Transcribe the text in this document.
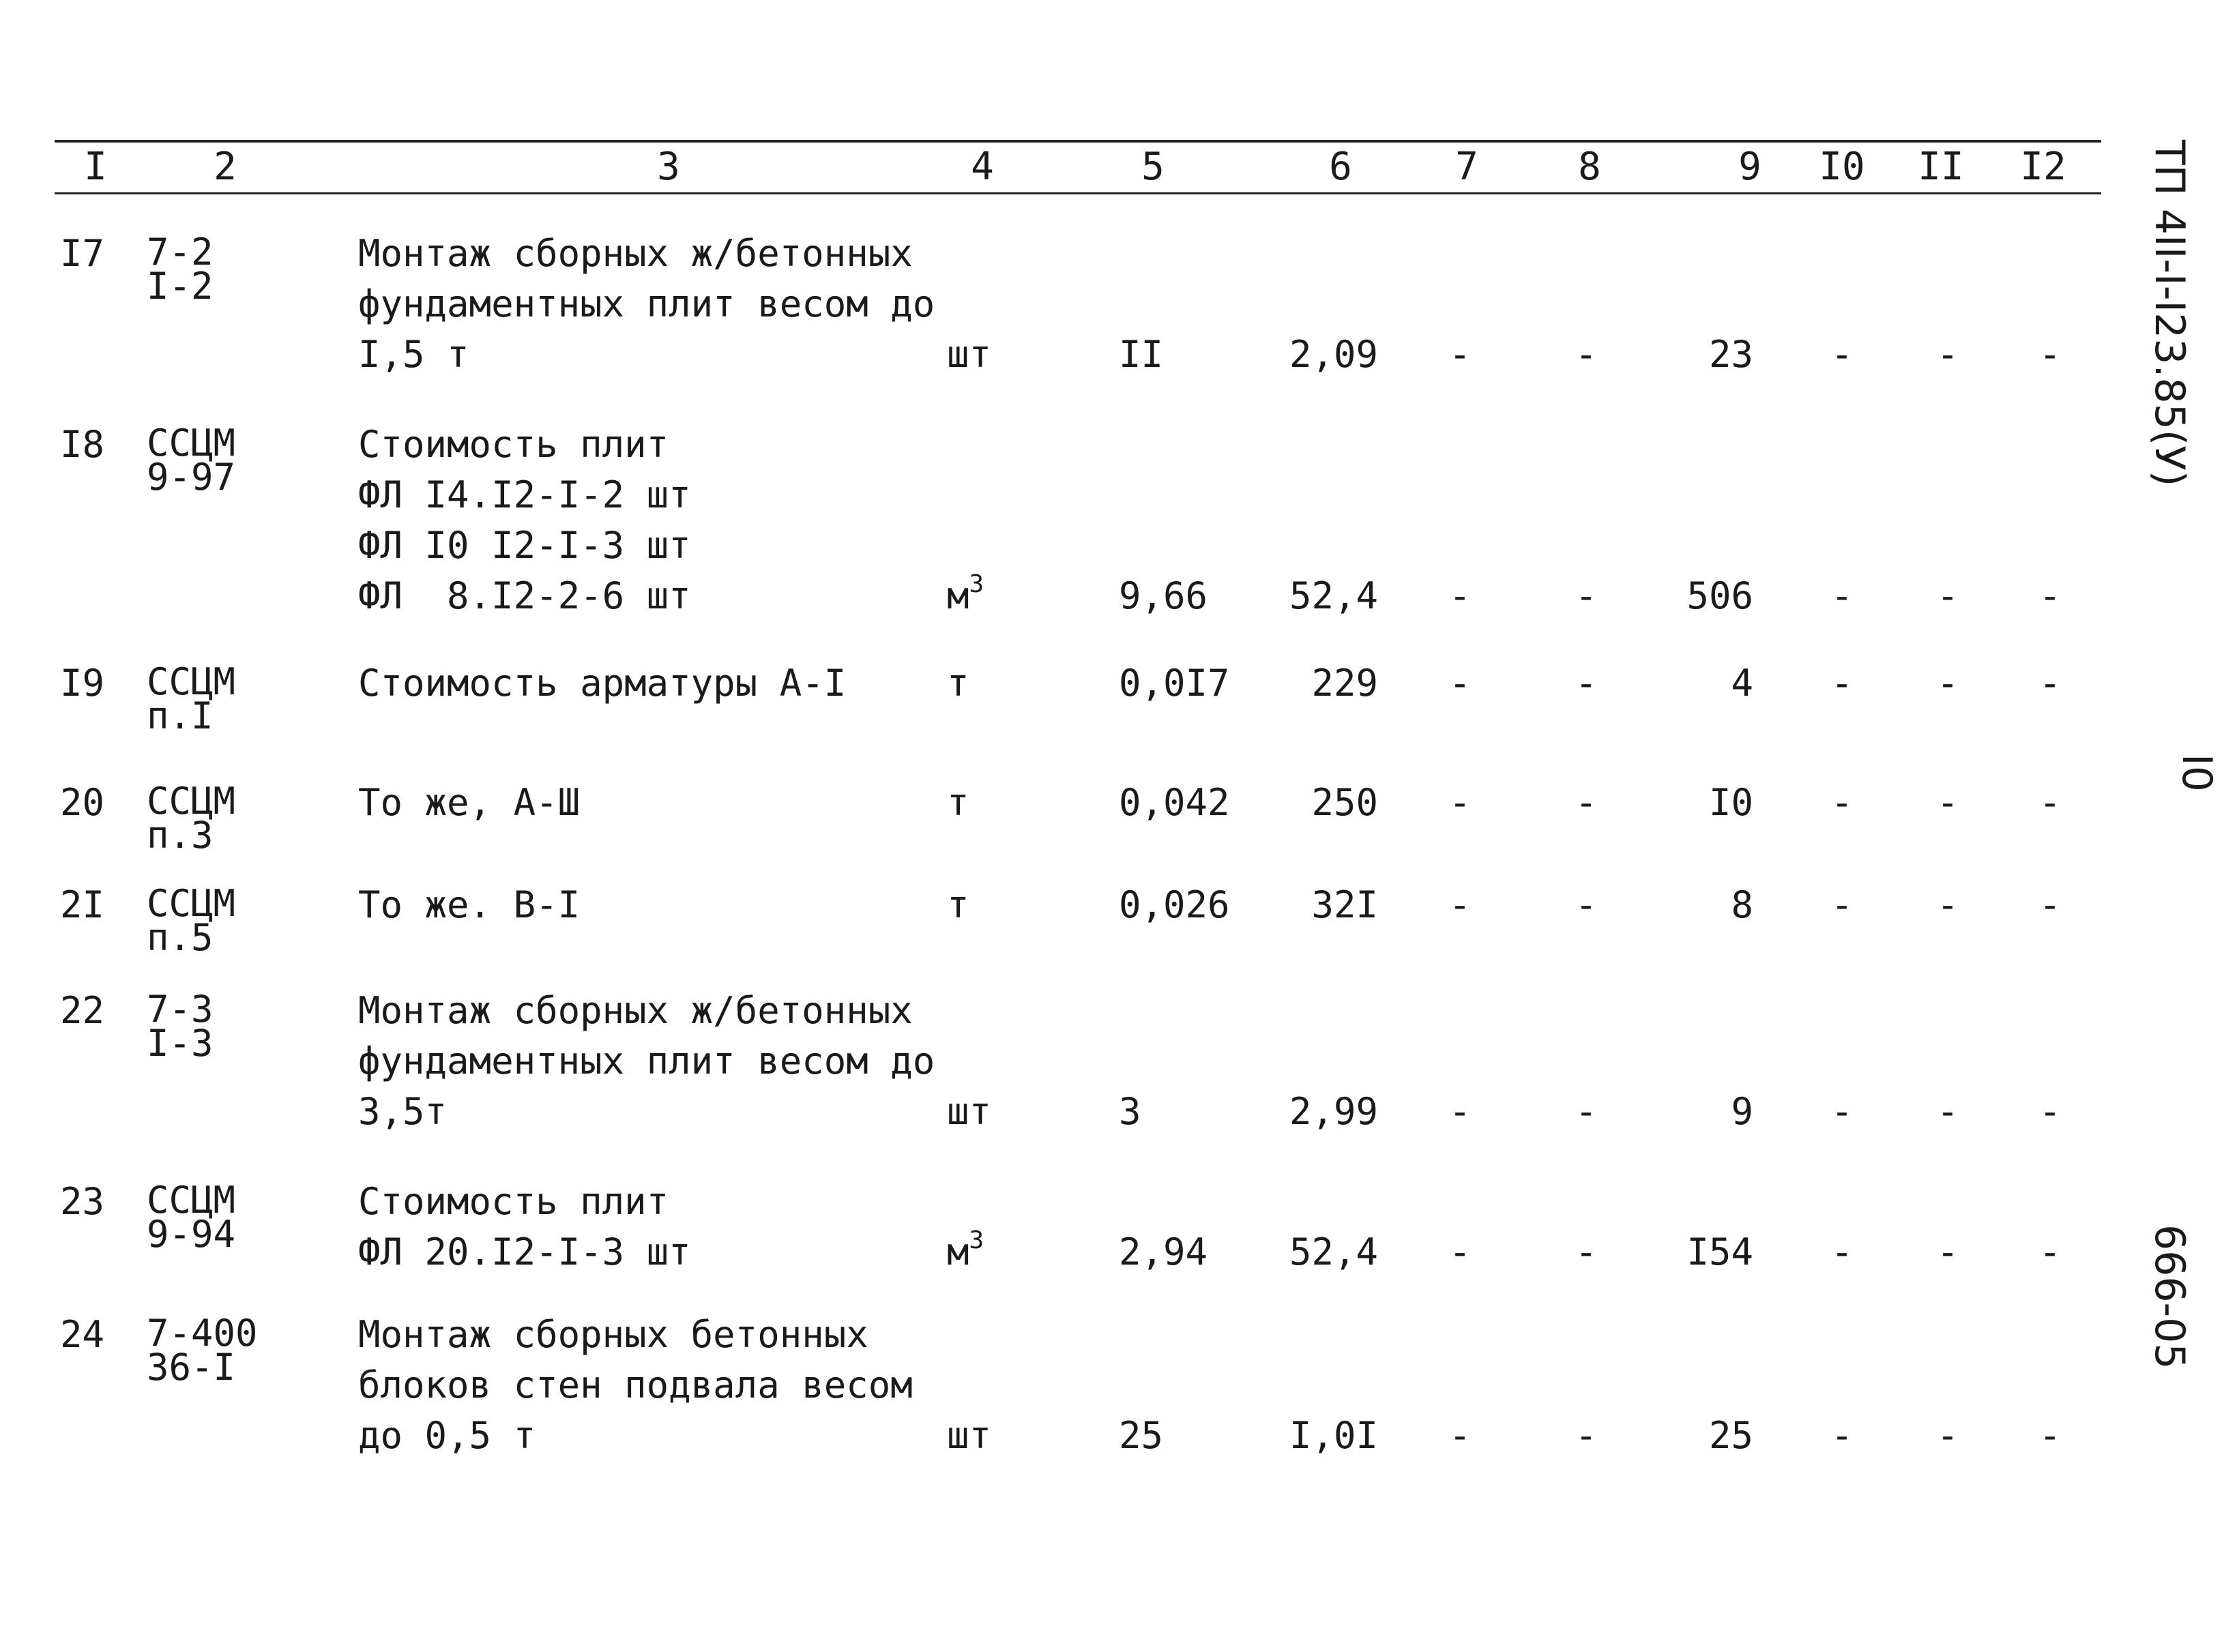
I	2	3	4	5	6	7	8	9 I0 II I2
I7 7-2
I-2
Монтаж сборных ж/бетонных
фундаментных плит весом до
I,5 т	шт	II	2,09	-	-	23	-	-	-
I8 ССЦМ
9-97
Стоимость плит
ФЛ I4.I2-I-2 шт
ФЛ I0 I2-I-3 шт
ФЛ  8.I2-2-6 шт	$м^3$	9,66 52,4	-	-	506	-	-	-
I9 ССЦМ
п.I
Стоимость арматуры А-I	т	0,0I7	229	-	-	4	-	-	-
20 ССЦМ
п.3
То же, А-Ш	т	0,042	250	-	-	I0	-	-	-
2I ССЦМ
п.5
То же. В-I	т	0,026	32I	-	-	8	-	-	-
22 7-3
I-3
Монтаж сборных ж/бетонных
фундаментных плит весом до
3,5т	шт	3	2,99	-	-	9	-	-	-
23 ССЦМ
9-94
Стоимость плит
ФЛ 20.I2-I-3 шт	$м^3$	2,94 52,4	-	-	I54	-	-	-
24 7-400
36-I
Монтаж сборных бетонных
блоков стен подвала весом
до 0,5 т	шт	25	I,0I	-	-	25	-	-	-
ТП 4II-I-I23.85(У)
I0
666-05
